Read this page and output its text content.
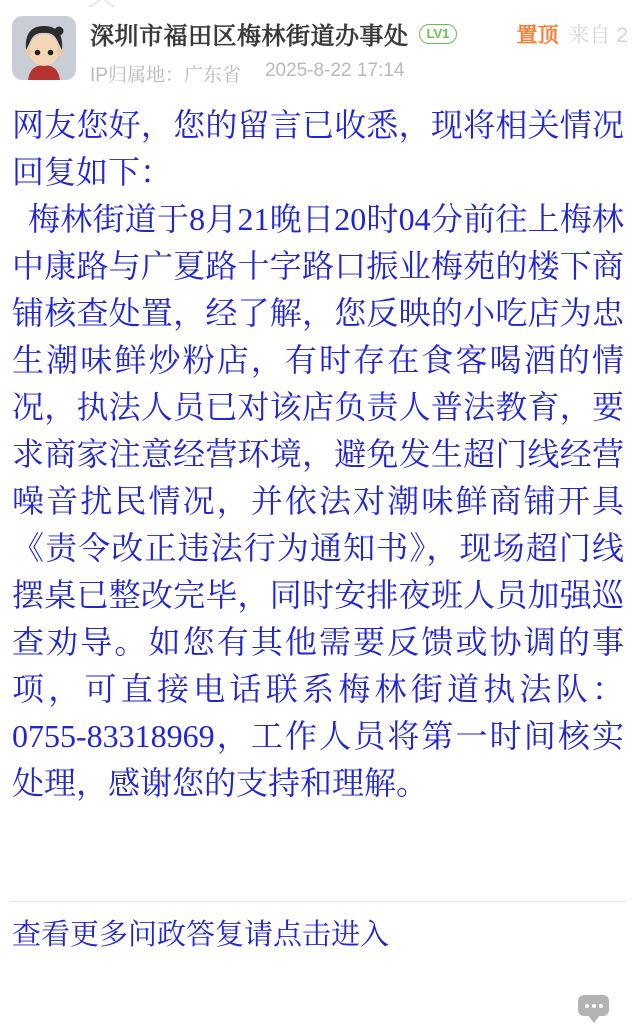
深圳市福田区梅林街道办事处	LV1	置顶 来自 2
IP归属地：广东省 2025-8-22 17:14

网友您好，您的留言已收悉，现将相关情况回复如下：

梅林街道于8月21晚日20时04分前往上梅林中康路与广夏路十字路口振业梅苑的楼下商铺核查处置，经了解，您反映的小吃店为忠生潮味鲜炒粉店，有时存在食客喝酒的情况，执法人员已对该店负责人普法教育，要求商家注意经营环境，避免发生超门线经营噪音扰民情况，并依法对潮味鲜商铺开具《责令改正违法行为通知书》，现场超门线摆桌已整改完毕，同时安排夜班人员加强巡查劝导。如您有其他需要反馈或协调的事项，可直接电话联系梅林街道执法队：0755-83318969，工作人员将第一时间核实处理，感谢您的支持和理解。

查看更多问政答复请点击进入
